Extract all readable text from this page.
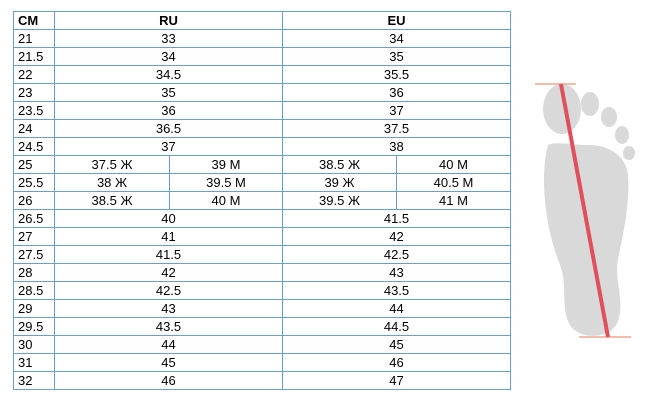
CM	RU		EU	
21	33		34	
21.5	34		35	
22	34.5		35.5	
23	35		36	
23.5	36		37	
24	36.5		37.5	
24.5	37		38	
25	37.5 Ж	39 М	38.5 Ж	40 М
25.5	38 Ж	39.5 М	39 Ж	40.5 М
26	38.5 Ж	40 М	39.5 Ж	41 М
26.5	40		41.5	
27	41		42	
27.5	41.5		42.5	
28	42		43	
28.5	42.5		43.5	
29	43		44	
29.5	43.5		44.5	
30	44		45	
31	45		46	
32	46		47	
